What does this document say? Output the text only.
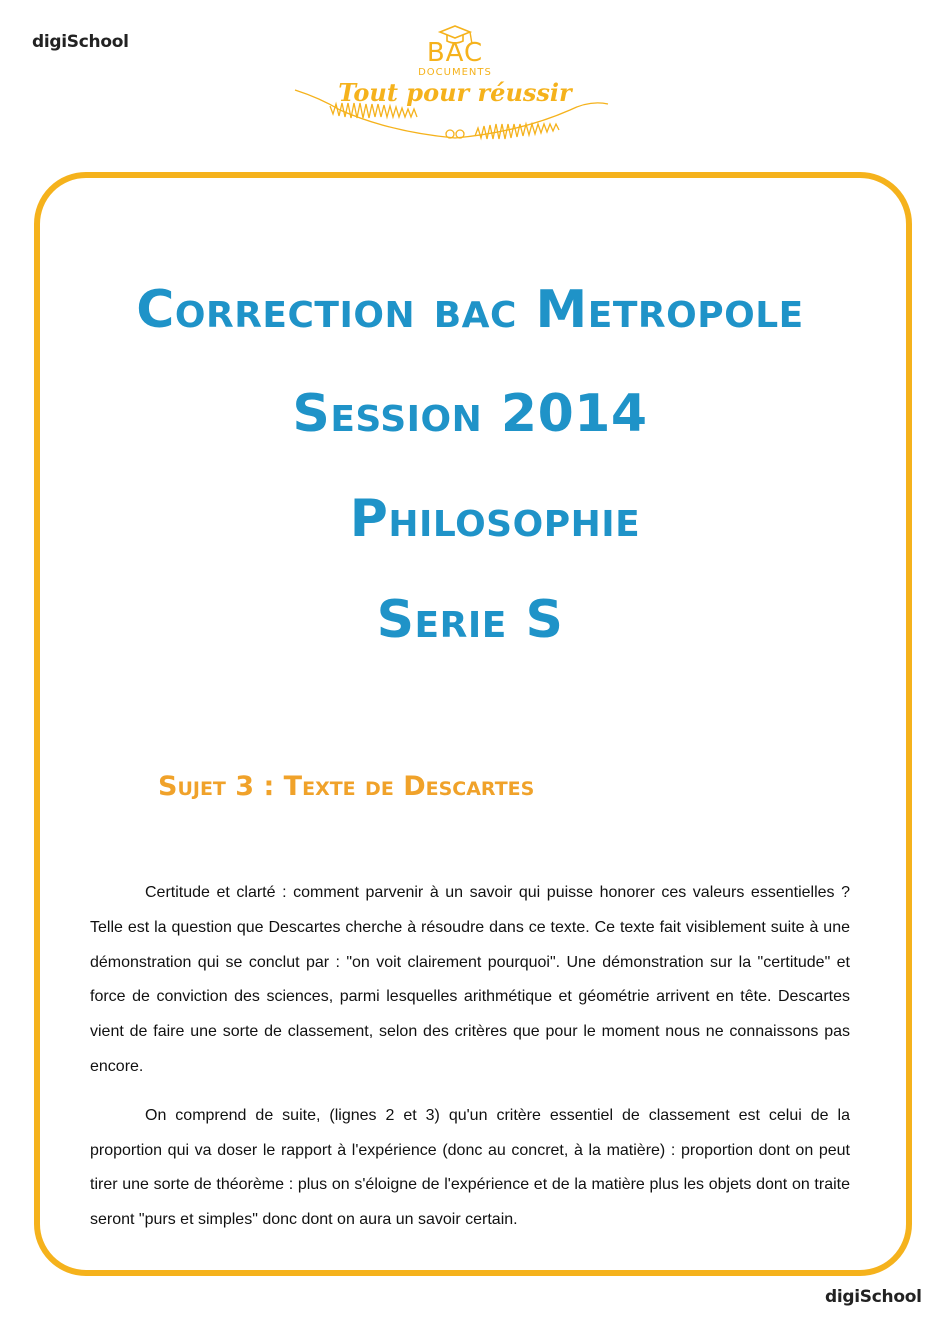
digiSchool	BAC
DOCUMENTS
Tout pour réussir
Correction bac Metropole
Session 2014
Philosophie
Serie S
Sujet 3 : Texte de Descartes

Certitude et clarté : comment parvenir à un savoir qui puisse honorer ces valeurs essentielles ? Telle est la question que Descartes cherche à résoudre dans ce texte. Ce texte fait visiblement suite à une démonstration qui se conclut par : "on voit clairement pourquoi". Une démonstration sur la "certitude" et force de conviction des sciences, parmi lesquelles arithmétique et géométrie arrivent en tête. Descartes vient de faire une sorte de classement, selon des critères que pour le moment nous ne connaissons pas encore.

On comprend de suite, (lignes 2 et 3) qu'un critère essentiel de classement est celui de la proportion qui va doser le rapport à l'expérience (donc au concret, à la matière) : proportion dont on peut tirer une sorte de théorème : plus on s'éloigne de l'expérience et de la matière plus les objets dont on traite seront "purs et simples" donc dont on aura un savoir certain.

digiSchool
